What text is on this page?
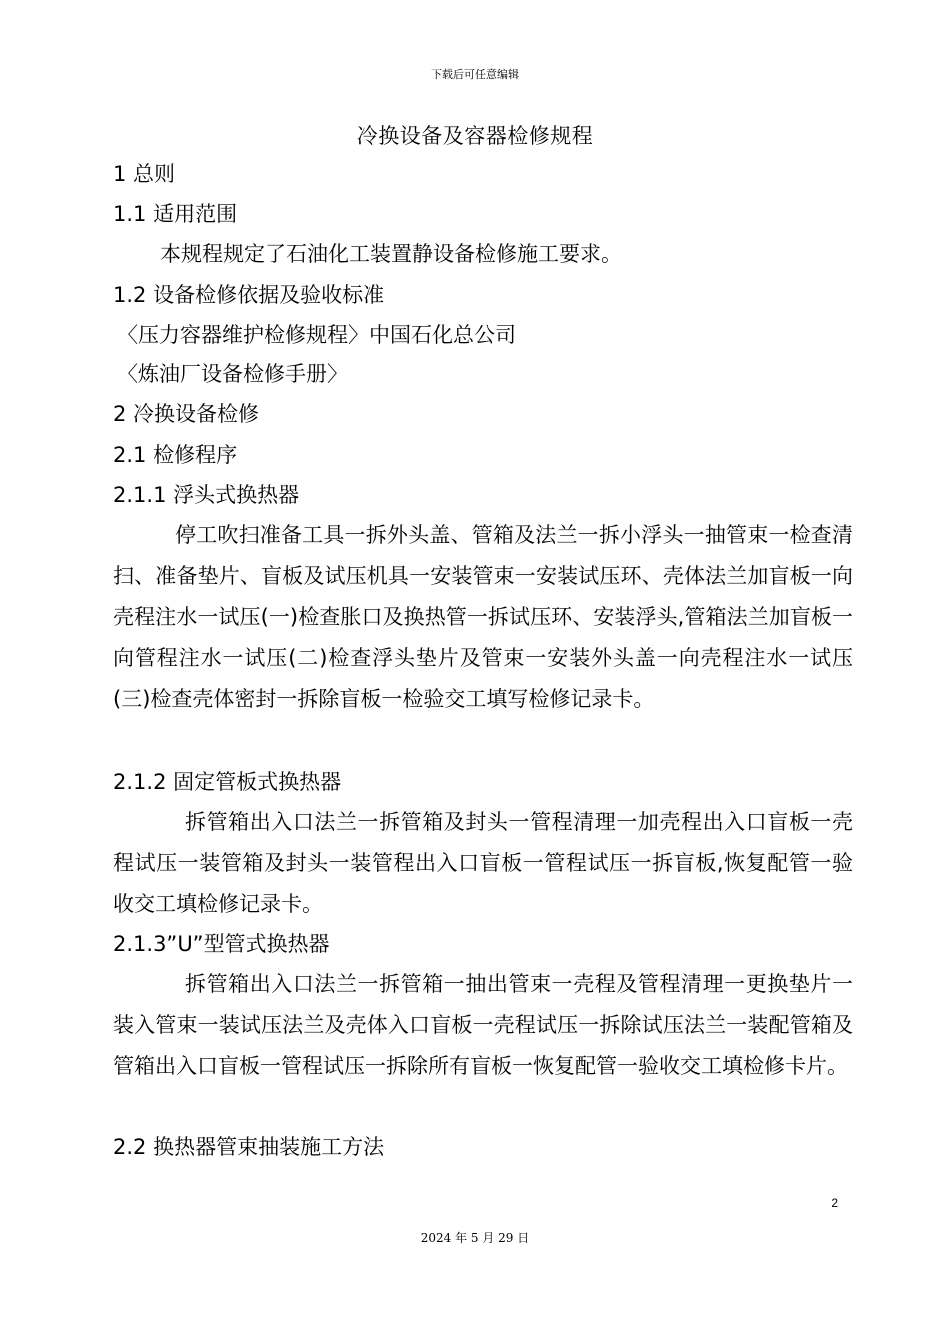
下载后可任意编辑
冷换设备及容器检修规程
1 总则
1.1 适用范围
本规程规定了石油化工装置静设备检修施工要求。
1.2 设备检修依据及验收标准
〈压力容器维护检修规程〉中国石化总公司
〈炼油厂设备检修手册〉
2 冷换设备检修
2.1 检修程序
2.1.1 浮头式换热器
停工吹扫准备工具一拆外头盖、管箱及法兰一拆小浮头一抽管束一检查清扫、准备垫片、盲板及试压机具一安装管束一安装试压环、壳体法兰加盲板一向壳程注水一试压(一)检查胀口及换热管一拆试压环、安装浮头,管箱法兰加盲板一向管程注水一试压(二)检查浮头垫片及管束一安装外头盖一向壳程注水一试压(三)检查壳体密封一拆除盲板一检验交工填写检修记录卡。
2.1.2 固定管板式换热器
拆管箱出入口法兰一拆管箱及封头一管程清理一加壳程出入口盲板一壳程试压一装管箱及封头一装管程出入口盲板一管程试压一拆盲板,恢复配管一验收交工填检修记录卡。
2.1.3”U”型管式换热器
拆管箱出入口法兰一拆管箱一抽出管束一壳程及管程清理一更换垫片一装入管束一装试压法兰及壳体入口盲板一壳程试压一拆除试压法兰一装配管箱及管箱出入口盲板一管程试压一拆除所有盲板一恢复配管一验收交工填检修卡片。
2.2 换热器管束抽装施工方法
2
2024 年 5 月 29 日
